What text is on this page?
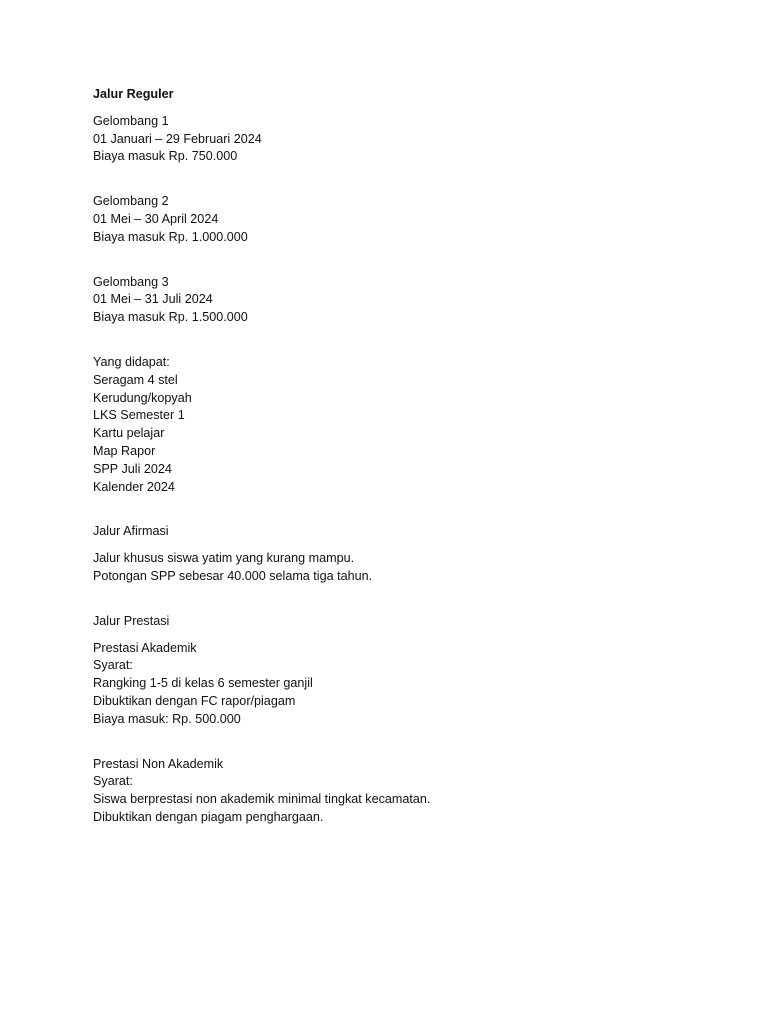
Jalur Reguler
Gelombang 1
01 Januari – 29 Februari 2024
Biaya masuk Rp. 750.000
Gelombang 2
01 Mei – 30 April 2024
Biaya masuk Rp. 1.000.000
Gelombang 3
01 Mei – 31 Juli 2024
Biaya masuk Rp. 1.500.000
Yang didapat:
Seragam 4 stel
Kerudung/kopyah
LKS Semester 1
Kartu pelajar
Map Rapor
SPP Juli 2024
Kalender 2024
Jalur Afirmasi
Jalur khusus siswa yatim yang kurang mampu.
Potongan SPP sebesar 40.000 selama tiga tahun.
Jalur Prestasi
Prestasi Akademik
Syarat:
Rangking 1-5 di kelas 6 semester ganjil
Dibuktikan dengan FC rapor/piagam
Biaya masuk: Rp. 500.000
Prestasi Non Akademik
Syarat:
Siswa berprestasi non akademik minimal tingkat kecamatan.
Dibuktikan dengan piagam penghargaan.
